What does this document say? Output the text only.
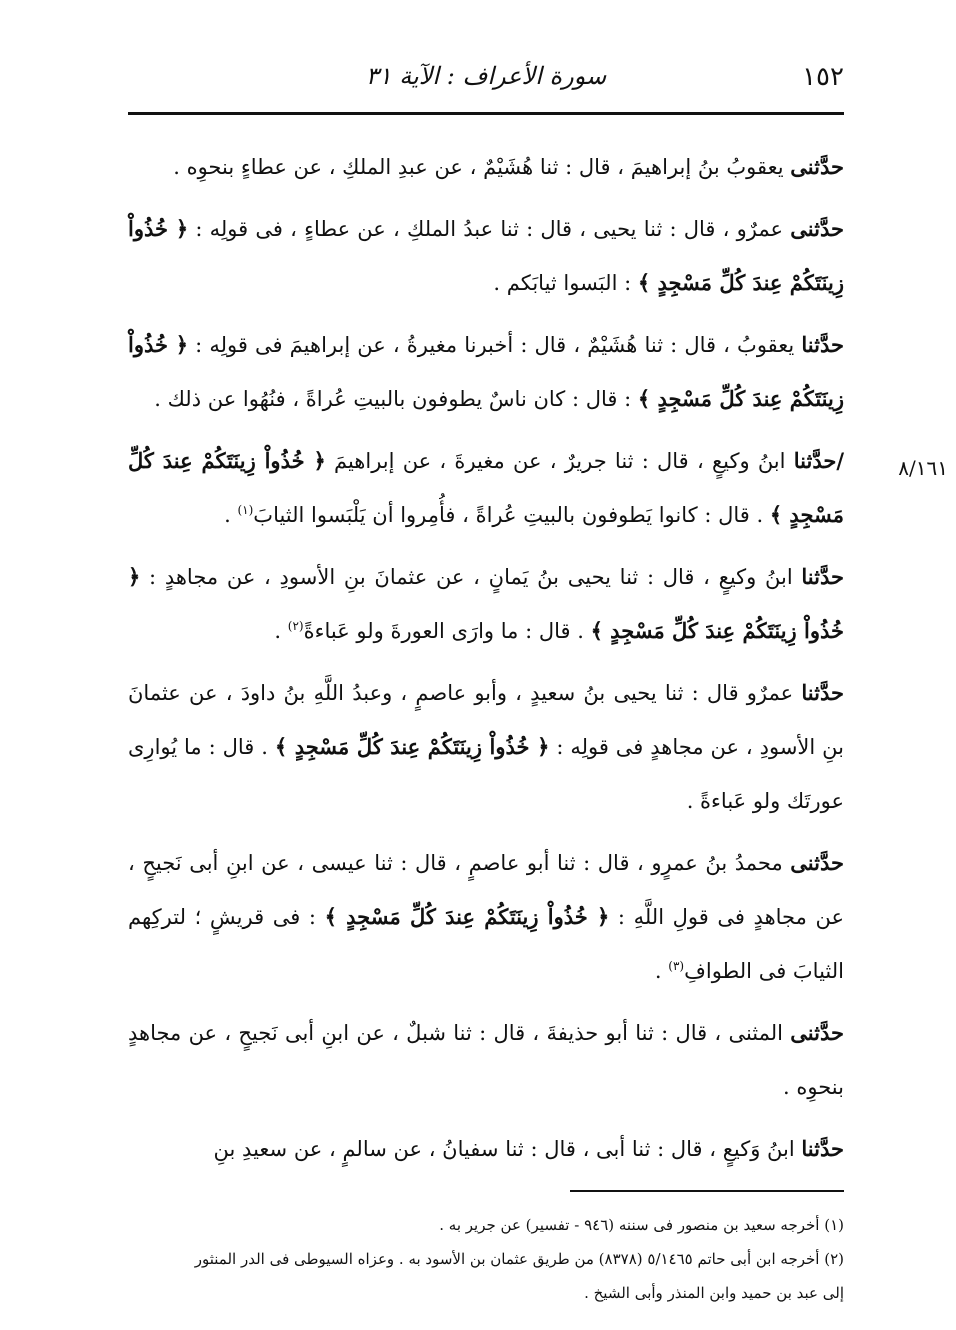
١٥٢
سورة الأعراف : الآية ٣١
٨/١٦١

حدَّثنى يعقوبُ بنُ إبراهيمَ ، قال : ثنا هُشَيْمٌ ، عن عبدِ الملكِ ، عن عطاءٍ بنحوِه .

حدَّثنى عمرٌو ، قال : ثنا يحيى ، قال : ثنا عبدُ الملكِ ، عن عطاءٍ ، فى قولِه : ﴿ خُذُواْ زِينَتَكُمْ عِندَ كُلِّ مَسْجِدٍ ﴾ : البَسوا ثيابَكم .

حدَّثنا يعقوبُ ، قال : ثنا هُشَيْمٌ ، قال : أخبرنا مغيرةُ ، عن إبراهيمَ فى قولِه : ﴿ خُذُواْ زِينَتَكُمْ عِندَ كُلِّ مَسْجِدٍ ﴾ : قال : كان ناسٌ يطوفون بالبيتِ عُراةً ، فنُهُوا عن ذلك .

/حدَّثنا ابنُ وكيعٍ ، قال : ثنا جريرٌ ، عن مغيرةَ ، عن إبراهيمَ ﴿ خُذُواْ زِينَتَكُمْ عِندَ كُلِّ مَسْجِدٍ ﴾ . قال : كانوا يَطوفون بالبيتِ عُراةً ، فأُمِروا أن يَلْبَسوا الثيابَ$^{(١)}$ .

حدَّثنا ابنُ وكيعٍ ، قال : ثنا يحيى بنُ يَمانٍ ، عن عثمانَ بنِ الأسودِ ، عن مجاهدٍ : ﴿ خُذُواْ زِينَتَكُمْ عِندَ كُلِّ مَسْجِدٍ ﴾ . قال : ما وارَى العورةَ ولو عَباءةً$^{(٢)}$ .

حدَّثنا عمرٌو قال : ثنا يحيى بنُ سعيدٍ ، وأبو عاصمٍ ، وعبدُ اللَّهِ بنُ داودَ ، عن عثمانَ بنِ الأسودِ ، عن مجاهدٍ فى قولِه : ﴿ خُذُواْ زِينَتَكُمْ عِندَ كُلِّ مَسْجِدٍ ﴾ . قال : ما يُوارِى عورتَك ولو عَباءةً .

حدَّثنى محمدُ بنُ عمرٍو ، قال : ثنا أبو عاصمٍ ، قال : ثنا عيسى ، عن ابنِ أبى نَجيحٍ ، عن مجاهدٍ فى قولِ اللَّهِ : ﴿ خُذُواْ زِينَتَكُمْ عِندَ كُلِّ مَسْجِدٍ ﴾ : فى قريشٍ ؛ لتركِهم الثيابَ فى الطوافِ$^{(٣)}$ .

حدَّثنى المثنى ، قال : ثنا أبو حذيفةَ ، قال : ثنا شبلٌ ، عن ابنِ أبى نَجيحٍ ، عن مجاهدٍ بنحوِه .

حدَّثنا ابنُ وَكيعٍ ، قال : ثنا أبى ، قال : ثنا سفيانُ ، عن سالمٍ ، عن سعيدِ بنِ

(١) أخرجه سعيد بن منصور فى سننه (٩٤٦ - تفسير) عن جرير به .

(٢) أخرجه ابن أبى حاتم ٥/١٤٦٥ (٨٣٧٨) من طريق عثمان بن الأسود به . وعزاه السيوطى فى الدر المنثور

إلى عبد بن حميد وابن المنذر وأبى الشيخ .
